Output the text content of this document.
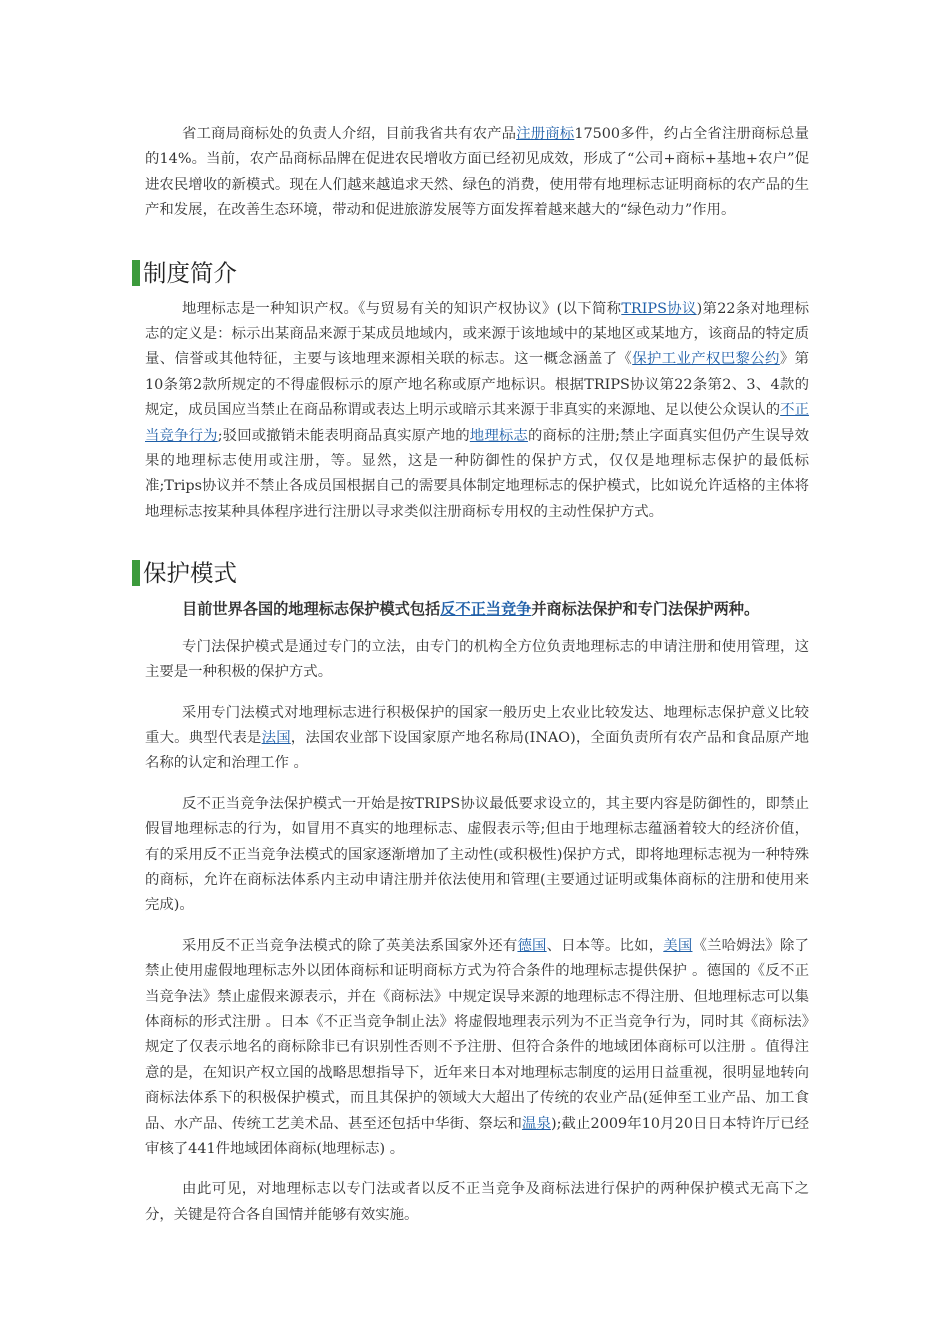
省工商局商标处的负责人介绍，目前我省共有农产品注册商标17500多件，约占全省注册商标总量的14%。当前，农产品商标品牌在促进农民增收方面已经初见成效，形成了“公司+商标+基地+农户”促进农民增收的新模式。现在人们越来越追求天然、绿色的消费，使用带有地理标志证明商标的农产品的生产和发展，在改善生态环境，带动和促进旅游发展等方面发挥着越来越大的“绿色动力”作用。

制度简介

地理标志是一种知识产权。《与贸易有关的知识产权协议》(以下简称TRIPS协议)第22条对地理标志的定义是：标示出某商品来源于某成员地域内，或来源于该地域中的某地区或某地方，该商品的特定质量、信誉或其他特征，主要与该地理来源相关联的标志。这一概念涵盖了《保护工业产权巴黎公约》第10条第2款所规定的不得虚假标示的原产地名称或原产地标识。根据TRIPS协议第22条第2、3、4款的规定，成员国应当禁止在商品称谓或表达上明示或暗示其来源于非真实的来源地、足以使公众误认的不正当竞争行为;驳回或撤销未能表明商品真实原产地的地理标志的商标的注册;禁止字面真实但仍产生误导效果的地理标志使用或注册，等。显然，这是一种防御性的保护方式，仅仅是地理标志保护的最低标准;Trips协议并不禁止各成员国根据自己的需要具体制定地理标志的保护模式，比如说允许适格的主体将地理标志按某种具体程序进行注册以寻求类似注册商标专用权的主动性保护方式。

保护模式

目前世界各国的地理标志保护模式包括反不正当竞争并商标法保护和专门法保护两种。

专门法保护模式是通过专门的立法，由专门的机构全方位负责地理标志的申请注册和使用管理，这主要是一种积极的保护方式。

采用专门法模式对地理标志进行积极保护的国家一般历史上农业比较发达、地理标志保护意义比较重大。典型代表是法国，法国农业部下设国家原产地名称局(INAO)，全面负责所有农产品和食品原产地名称的认定和治理工作 。

反不正当竞争法保护模式一开始是按TRIPS协议最低要求设立的，其主要内容是防御性的，即禁止假冒地理标志的行为，如冒用不真实的地理标志、虚假表示等;但由于地理标志蕴涵着较大的经济价值，有的采用反不正当竞争法模式的国家逐渐增加了主动性(或积极性)保护方式，即将地理标志视为一种特殊的商标，允许在商标法体系内主动申请注册并依法使用和管理(主要通过证明或集体商标的注册和使用来完成)。

采用反不正当竞争法模式的除了英美法系国家外还有德国、日本等。比如，美国《兰哈姆法》除了禁止使用虚假地理标志外以团体商标和证明商标方式为符合条件的地理标志提供保护 。德国的《反不正当竞争法》禁止虚假来源表示，并在《商标法》中规定误导来源的地理标志不得注册、但地理标志可以集体商标的形式注册 。日本《不正当竞争制止法》将虚假地理表示列为不正当竞争行为，同时其《商标法》规定了仅表示地名的商标除非已有识别性否则不予注册、但符合条件的地域团体商标可以注册 。值得注意的是，在知识产权立国的战略思想指导下，近年来日本对地理标志制度的运用日益重视，很明显地转向商标法体系下的积极保护模式，而且其保护的领域大大超出了传统的农业产品(延伸至工业产品、加工食品、水产品、传统工艺美术品、甚至还包括中华街、祭坛和温泉);截止2009年10月20日日本特许厅已经审核了441件地域团体商标(地理标志) 。

由此可见，对地理标志以专门法或者以反不正当竞争及商标法进行保护的两种保护模式无高下之分，关键是符合各自国情并能够有效实施。
